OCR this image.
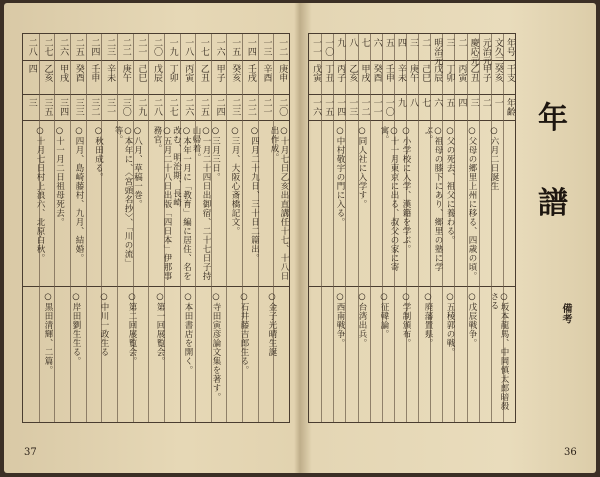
二八
四
三
二七
乙亥
三五
二六
甲戌
三四
二五
癸酉
三三
二四
壬申
三二
二三
辛未
三一
二二
庚午
三〇
二一
己巳
二九
二〇
戊辰
二八
一九
丁卯
二七
一八
丙寅
二六
一七
乙丑
二五
一六
甲子
二四
一五
癸亥
二三
一四
壬戌
二二
一三
辛酉
二一
一二
庚申
二〇
○十月七日乙亥出直講任十七、十八日出作成。
○四月二十九日、三十日二篇出。
○三月、大阪心斎橋記文。
○三月三日。
○一月二十四日出御宿、二十七日子持山帰着。
○本年一月に「教育」編に居住、名を改む、明治期、長崎
○五月二十八日出版「四日本」伊那事務官。
○八月、草稿一巻。
○本年に、〈宮頭名抄〉、「川の流」等。
○秋田成る。
○四月、島崎藤村、九月、結婚。
○十一月二日祖母死去。
○十月七日村上浪六、北原白秋。
○金子光晴生誕
○石井藤吉郎生る。
○寺田寅彦論文集を著す。
○本田書店を開く。
○第一回展覧会。
○第二回展覧会。
○中川一政生る
○岸田劉生生る。
○黒田清輝、二篇。
37
年号
干支
年齢
文久三
癸亥
一
元治元
甲子
二
慶応元
乙丑
三
二
丙寅
四
三
丁卯
五
明治元
戊辰
六
二
己巳
七
三
庚午
八
四
辛未
九
五
壬申
一〇
六
癸酉
一一
七
甲戌
一二
八
乙亥
一三
九
丙子
一四
一〇
丁丑
一五
一一
戊寅
一六
○六月二日誕生
○父母の郷里上州に移る、四歳の頃。
○父の死去、祖父に養わる。
○祖母の膝下にあり、鄉里の塾に学ぶ。
○小学校に入学、漢籍を学ぶ。
○十一月東京に出る、叔父の家に寄寓。
○同人社に入学す。
○中村敬宇の門に入る。
○坂本龍馬、中岡慎太郎暗殺さる
○戊辰戦争。
○五稜郭の戦。
○廃藩置県。
○学制頒布。
○征韓論。
○台湾出兵。
○西南戦争。
年
譜
備考
36
